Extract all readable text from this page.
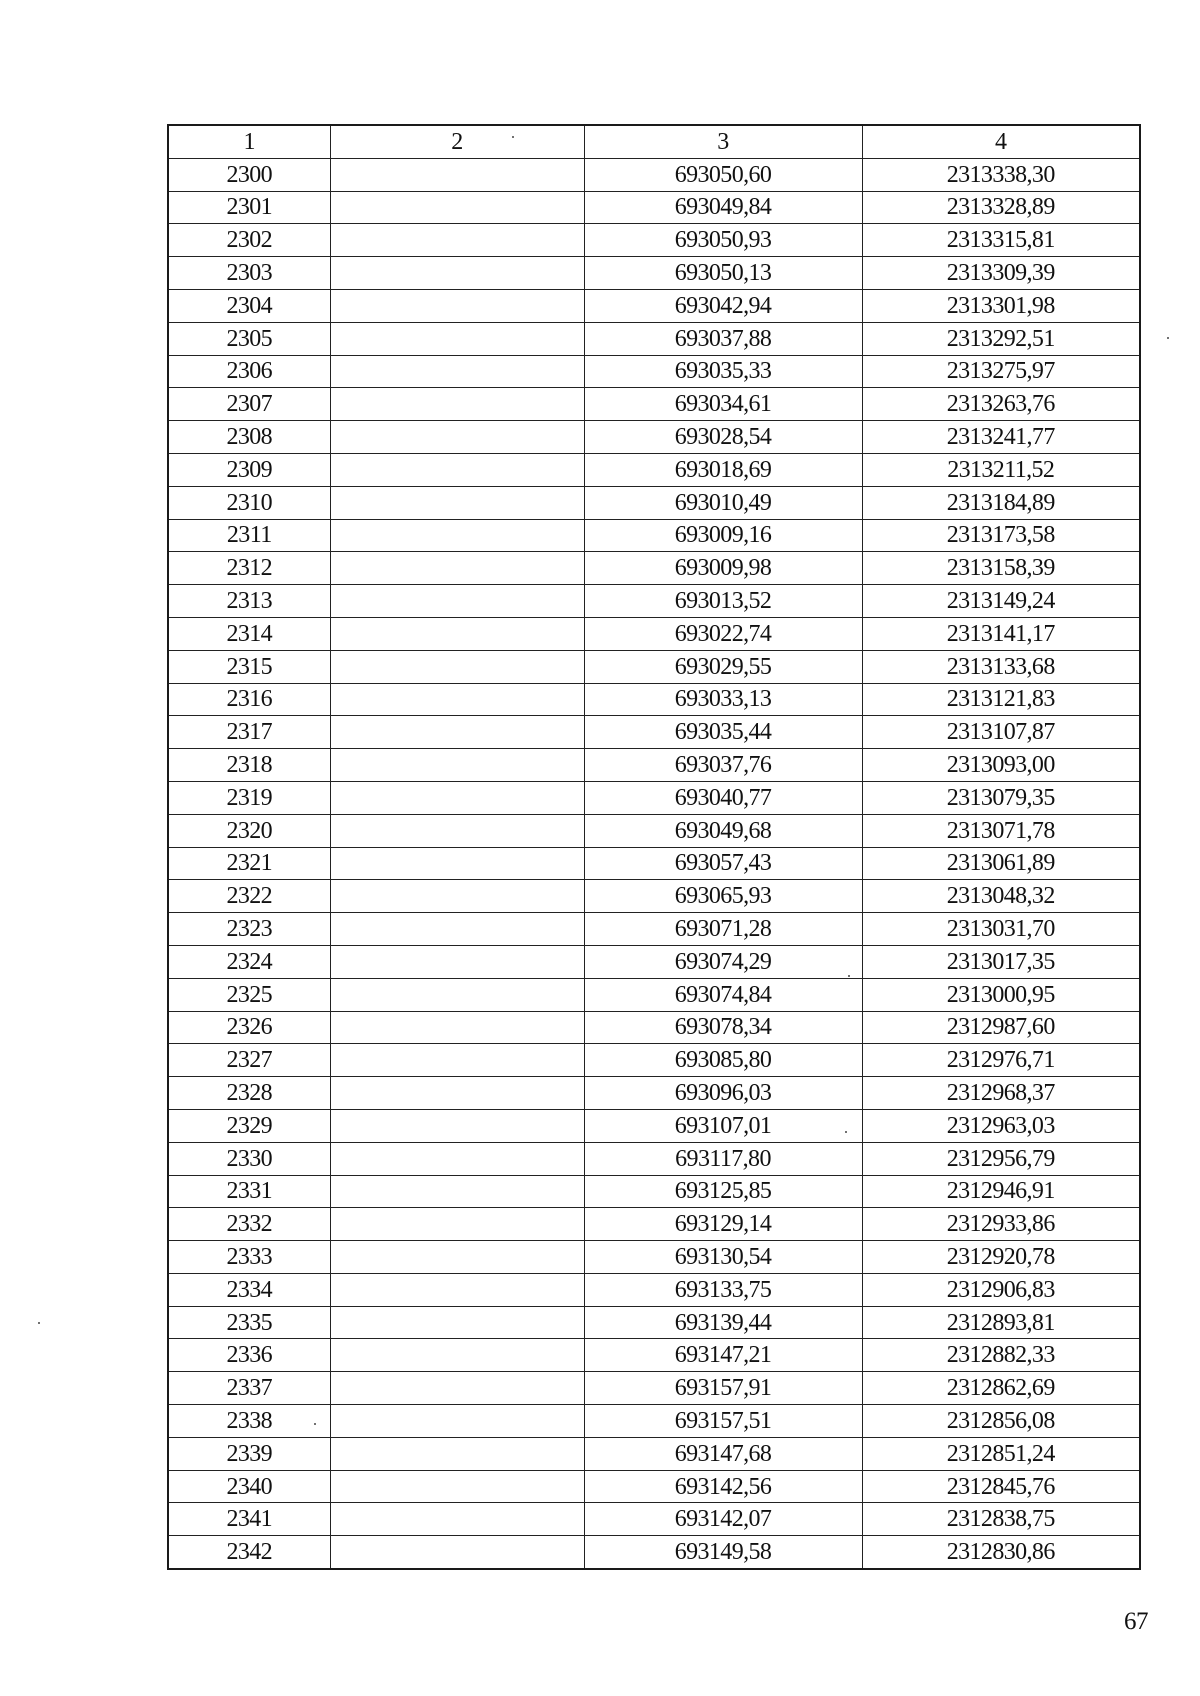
1	2	3	4
2300		693050,60	2313338,30
2301		693049,84	2313328,89
2302		693050,93	2313315,81
2303		693050,13	2313309,39
2304		693042,94	2313301,98
2305		693037,88	2313292,51
2306		693035,33	2313275,97
2307		693034,61	2313263,76
2308		693028,54	2313241,77
2309		693018,69	2313211,52
2310		693010,49	2313184,89
2311		693009,16	2313173,58
2312		693009,98	2313158,39
2313		693013,52	2313149,24
2314		693022,74	2313141,17
2315		693029,55	2313133,68
2316		693033,13	2313121,83
2317		693035,44	2313107,87
2318		693037,76	2313093,00
2319		693040,77	2313079,35
2320		693049,68	2313071,78
2321		693057,43	2313061,89
2322		693065,93	2313048,32
2323		693071,28	2313031,70
2324		693074,29	2313017,35
2325		693074,84	2313000,95
2326		693078,34	2312987,60
2327		693085,80	2312976,71
2328		693096,03	2312968,37
2329		693107,01	2312963,03
2330		693117,80	2312956,79
2331		693125,85	2312946,91
2332		693129,14	2312933,86
2333		693130,54	2312920,78
2334		693133,75	2312906,83
2335		693139,44	2312893,81
2336		693147,21	2312882,33
2337		693157,91	2312862,69
2338		693157,51	2312856,08
2339		693147,68	2312851,24
2340		693142,56	2312845,76
2341		693142,07	2312838,75
2342		693149,58	2312830,86
67
